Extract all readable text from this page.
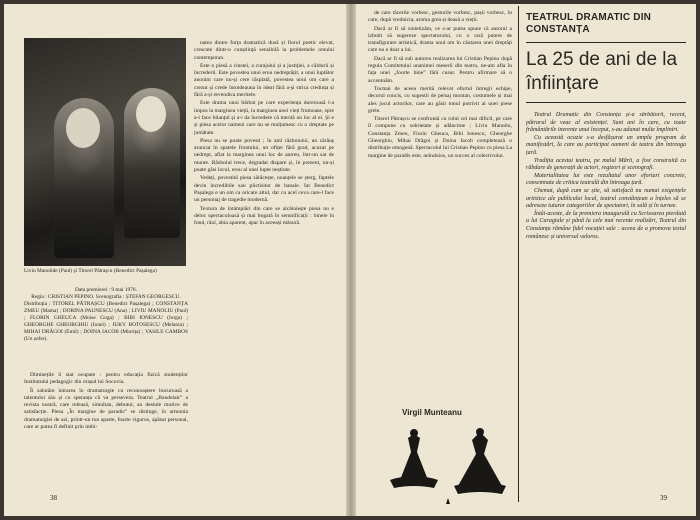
Liviu Manolide (Paul) și Titorel Pătrașcu (Benedict Pașalega)
Data premierei : 9 mai 1976.
Regia : CRISTIAN PEPINO. Scenografia : ȘTEFAN GEORGESCU.
Distribuția : TITOREL PĂTRAȘCU (Benedict Pașalega) ; CONSTANȚA ZMEU (Mama) ; DORINA PAUNESCU (Ana) ; LIVIU MANOLIU (Paul) ; FLORIN GHEUCA (Moise Goga) ; BIBI IONESCU (Iorga) ; GHEORGHE GHEORGHIU (Ionel) ; IUKY BOTOSESCU (Melania) ; MIHAI DRĂGOI (Emil) ; DOINA IACOB (Miorița) ; VASILE CAMBOS (Un șofer).

Diminețile îi stat ocupate : pentru educația fizică studenților Institutului pedagogic din orașul lui Socovia.

Îi salutăm intrarea în dramaturgie cu recunoaștere bucuroasă a talentului său și cu speranța că va persevera. Teatrul „Baudelair” a revista nostră, care releasă, simultan, debutul, au destule motive de satisfacție. Piesa „În margine de paradis” se distinge, în armonia dramaturgiei de azi, printr-un ton aparte, foarte viguros, apăsat personal, care ar putea fi definit prin imbi-

natea dintre forța dramatică dusă și fiorul poetic elevat, crescute dintr-o conștiință sensibilă la problemele omului contemporan.

Este o piesă a cinstei, a curajului și a justiției, a căldurii și încrederii. Este povestea unui erou nedreptățit, a unui luptător anonim care nu-și cere răsplată, povestea unui om care a crezut și crede întotdeauna în ideal fără a-și strica credința și fără a-și revendica meritele.

Este drama unui bărbat pe care experiența dureroasă l-a impus la marginea vieții, la marginea unei vieți frumoase, spre a-i face bilanțul și a-i da încredere că merită un loc al ei. Și e și piesa acelor oameni care nu se mulțumesc cu o dreptate pe jumătate.

Piesa nu se poate povesti ; în anii războiului, un cărăuș aruncat în spatele frontului, un ofițer fără grad, acuzat pe nedrept, aflat la marginea unui loc de antren, într-un sat de munte. Războiul trece, degradat dispare și, în prezent, nu-și poate găsi locul, erou al unei lupte neștiute.

Vedeți, povestită piesa sărăcește, nuanțele se șterg, faptele devin incredibile sau plictisitor de banale. Iar Benedict Pașalega e un om ca oricare altul, dar cu acel ceva care-l face un personaj de tragedie modernă.

Textura de întâmplări din care se alcătuiește piesa nu e deloc spectaculoasă și mai bogată în semnificații : binele în fond, răul, abia aparent, apar în aceeași măsură.

38

de care tăcerile vorbesc, gesturile vorbesc, pașii vorbesc, în care, după vrednicia, aroma grea și deasă a vieții.

Dacă ar fi să sintetizăm, ce s-ar putea spune că autorul a izbutit să sugereze spectatorului, cu o rară putere de transfigurare artistică, drama unui om în căutarea unei dreptăți care nu e doar a lui.

Dacă ar fi să sub autorea realizarea lui Cristian Pepino după regula Comitetului unanimei meserii din teatru, ne-am afla în fața unei „fourte bine” fără cusur. Pentru afirmare să o accentuăm.

Tocmai de aceea merită relevat efortul întregii echipe, decorul concis, cu sugestii de peisaj montan, costumele și mai ales jocul actorilor, care au găsit tonul potrivit al unei piese grele.

Titorel Pătrașcu se confruntă cu rolul cel mai dificil, pe care îl compune cu sobrietate și adâncime ; Liviu Manoliu, Constanța Zmeu, Florin Gheuca, Bibi Ionescu, Gheorghe Gheorghiu, Mihai Drăgoi și Doina Iacob completează o distribuție omogenă. Spectacolul lui Cristian Pepino cu piesa La margine de paradis este, neîndoios, un succes al colectivului.

Virgil Munteanu
TEATRUL DRAMATIC DIN CONSTANȚA
La 25 de ani de la înființare

Teatrul Dramatic din Constanța și-a sărbătorit, recent, pătrarul de veac al existenței. Sunt ani în care, cu toate frământările inerente unui început, s-au adunat multe împliniri.

Cu aceastǎ ocazie s-a desfășurat un amplu program de manifestări, la care au participat oameni de teatru din întreaga țară.

Tradiția acestui teatru, pe malul Mării, a fost construită cu răbdare de generații de actori, regizori și scenografi.

Materialitatea lui este rezultatul unor eforturi concrete, consemnate de critica teatrală din întreaga țară.

Chemat, după cum se știe, să satisfacă nu numai exigențele artistice ale publicului local, teatrul constănțean a înțeles să se adreseze tuturor categoriilor de spectatori, în sală și în turnee.

Întâi-aceste, de la premiera inaugurală cu Scrisoarea pierdută a lui Caragiale și până la cele mai recente realizări, Teatrul din Constanța rămâne fidel vocației sale : aceea de a promova textul românesc și universal valoros.

39
